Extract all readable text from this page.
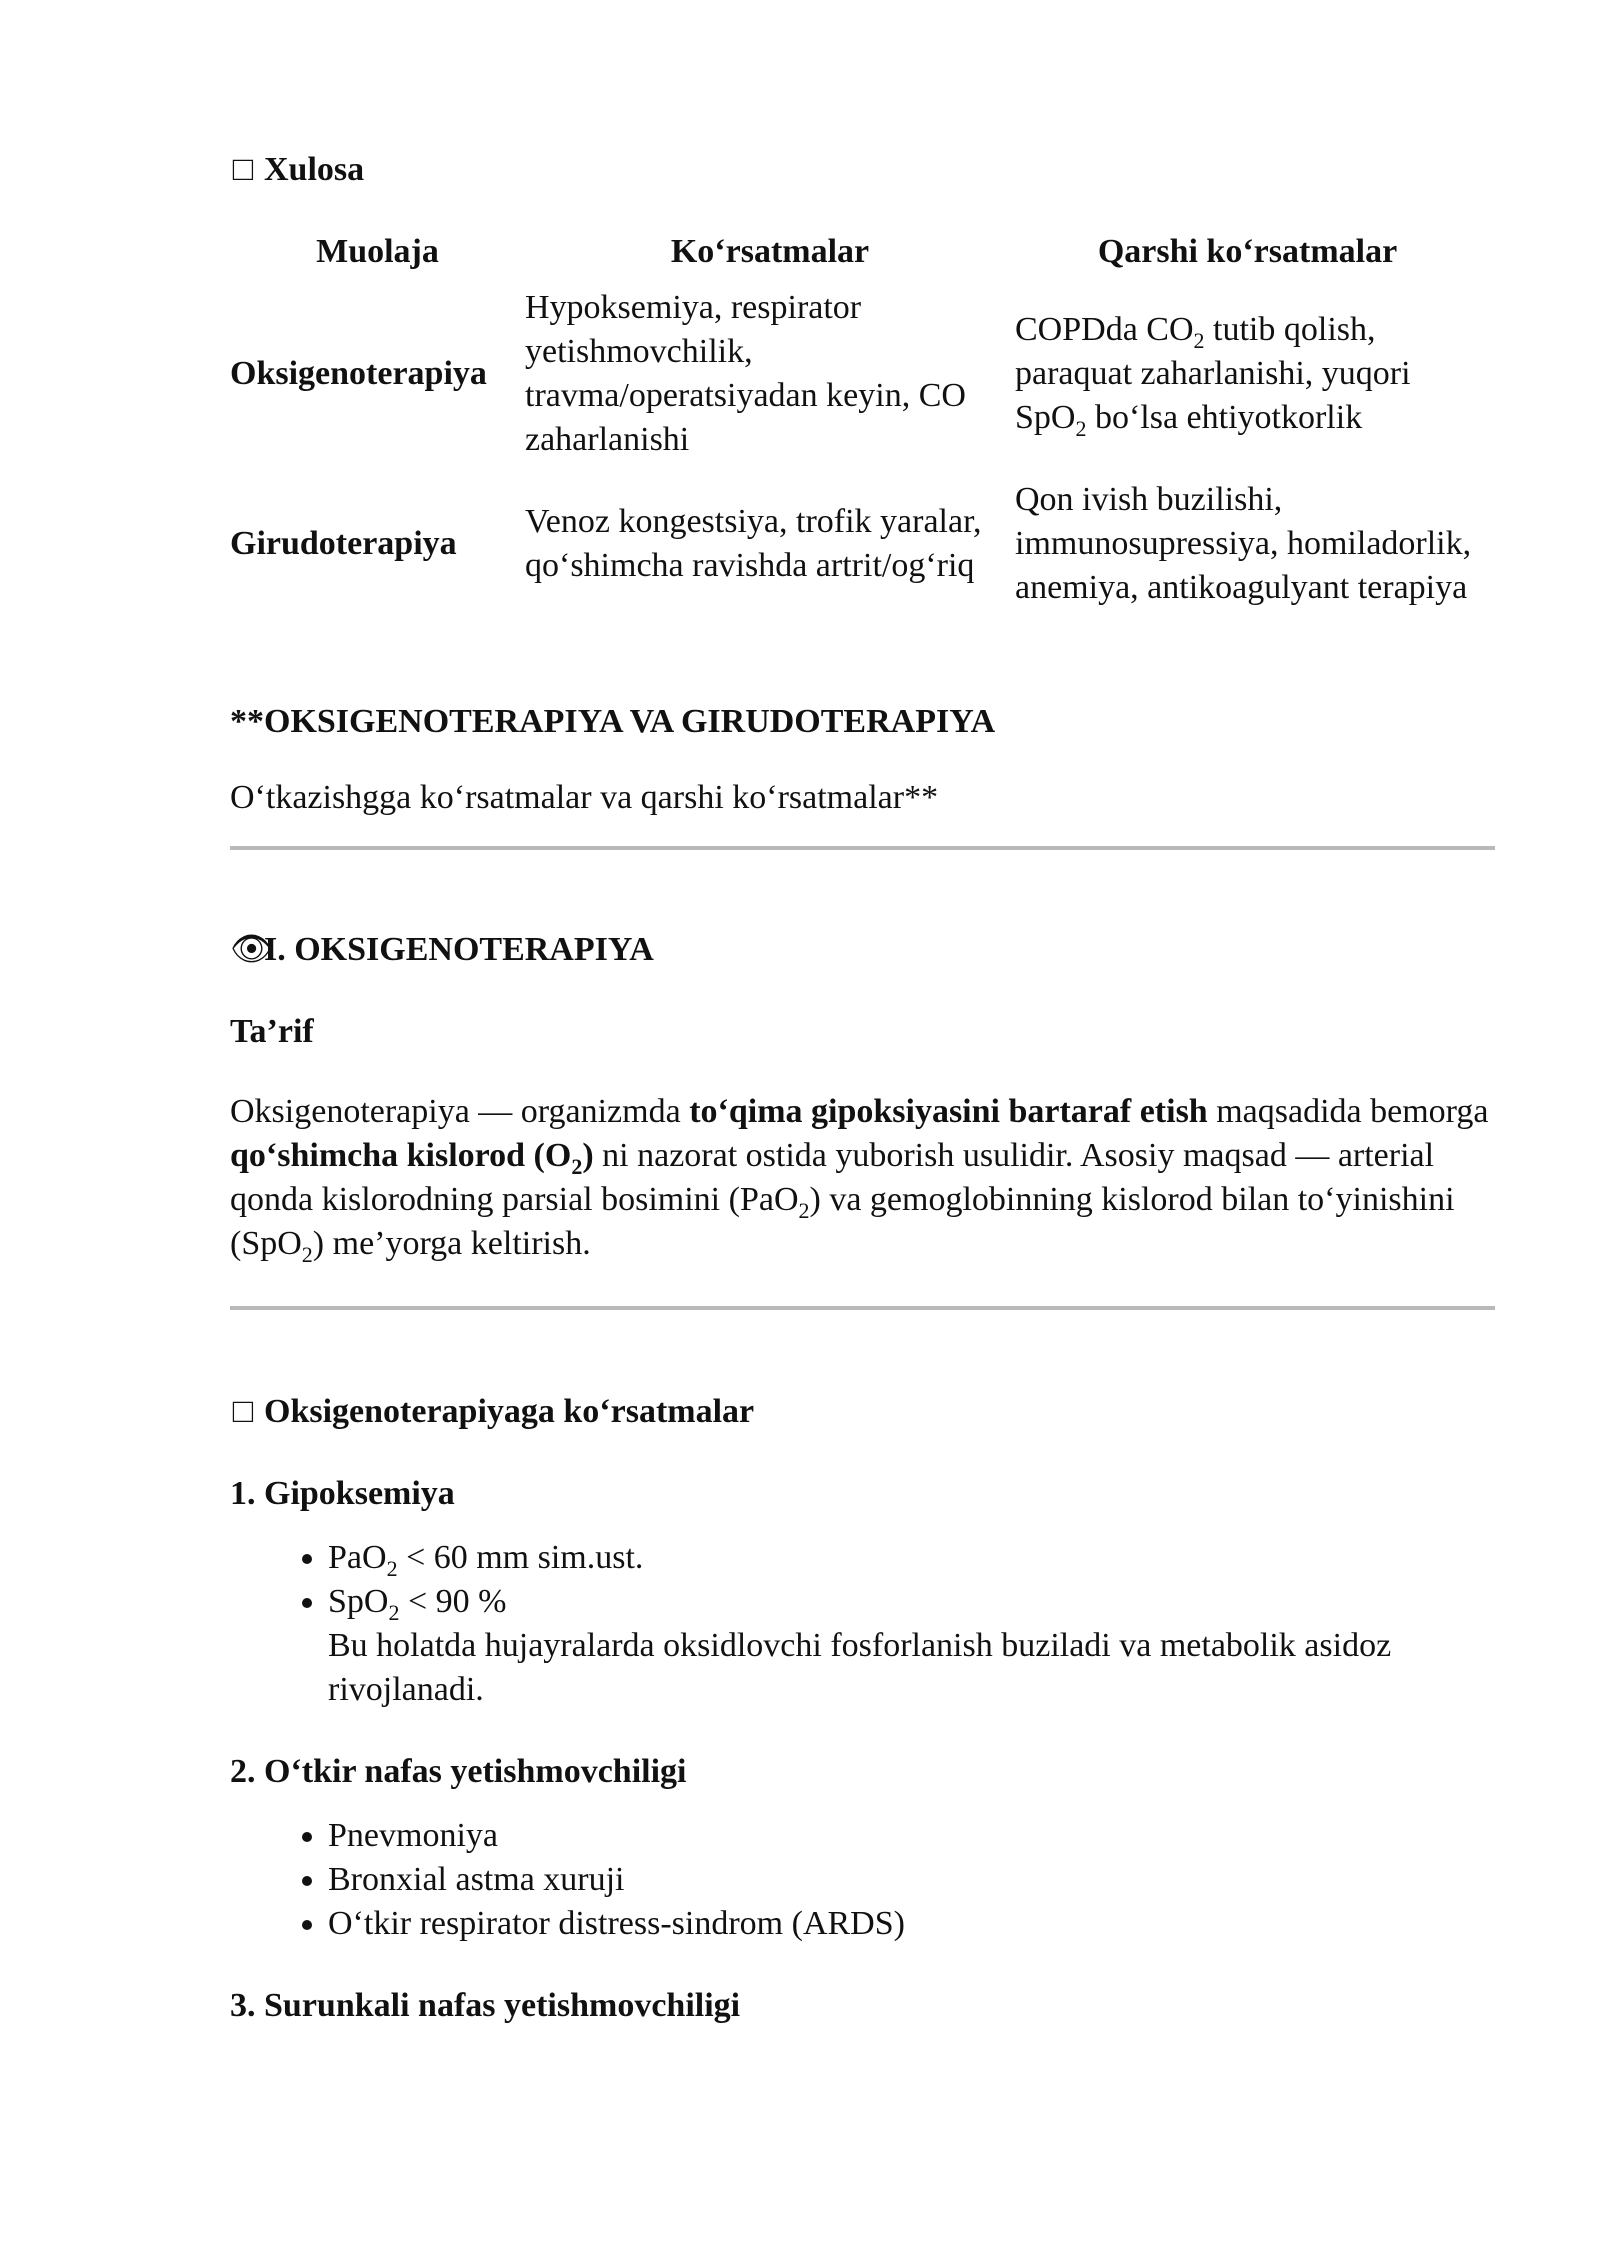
□ Xulosa

Muolaja	Ko‘rsatmalar	Qarshi ko‘rsatmalar
Oksigenoterapiya	Hypoksemiya, respirator yetishmovchilik, travma/operatsiyadan keyin, CO zaharlanishi	COPDda $CO_2$ tutib qolish, paraquat zaharlanishi, yuqori SpO$_2$ bo‘lsa ehtiyotkorlik
Girudoterapiya	Venoz kongestsiya, trofik yaralar, qo‘shimcha ravishda artrit/og‘riq	Qon ivish buzilishi, immunosupressiya, homiladorlik, anemiya, antikoagulyant terapiya

**OKSIGENOTERAPIYA VA GIRUDOTERAPIYA

O‘tkazishgga ko‘rsatmalar va qarshi ko‘rsatmalar**

👁I. OKSIGENOTERAPIYA

Ta’rif

Oksigenoterapiya — organizmda to‘qima gipoksiyasini bartaraf etish maqsadida bemorga qo‘shimcha kislorod $(O_2)$ ni nazorat ostida yuborish usulidir. Asosiy maqsad — arterial qonda kislorodning parsial bosimini (PaO$_2$) va gemoglobinning kislorod bilan to‘yinishini (SpO$_2$) me’yorga keltirish.

□ Oksigenoterapiyaga ko‘rsatmalar

1. Gipoksemiya

• PaO$_2$ < 60 mm sim.ust.
• SpO$_2$ < 90 %
Bu holatda hujayralarda oksidlovchi fosforlanish buziladi va metabolik asidoz rivojlanadi.

2. O‘tkir nafas yetishmovchiligi

• Pnevmoniya
• Bronxial astma xuruji
• O‘tkir respirator distress-sindrom (ARDS)

3. Surunkali nafas yetishmovchiligi
